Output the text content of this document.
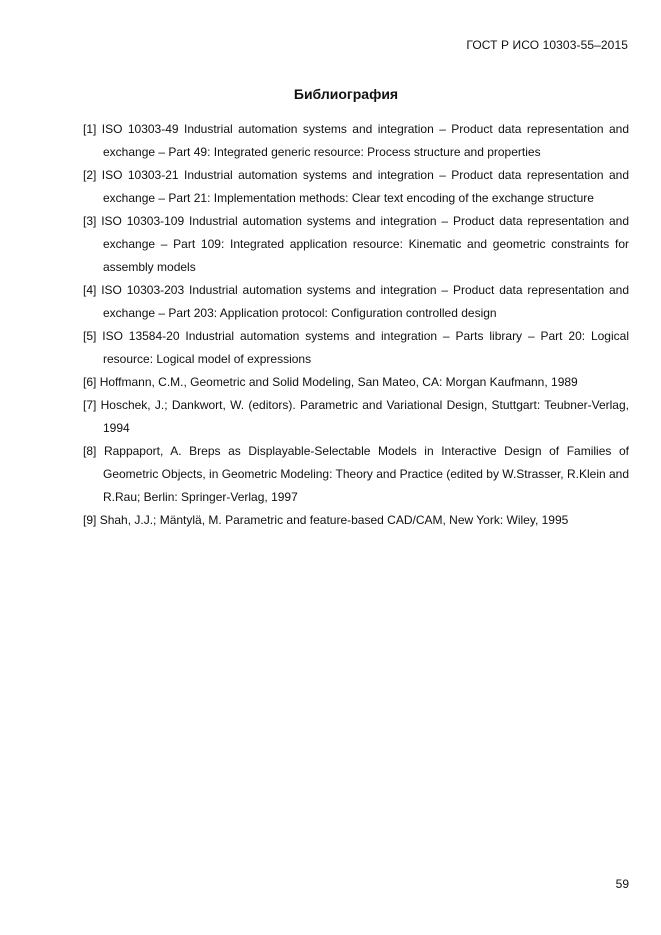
ГОСТ Р ИСО 10303-55–2015
Библиография
[1] ISO 10303-49 Industrial automation systems and integration – Product data representation and exchange – Part 49: Integrated generic resource: Process structure and properties
[2] ISO 10303-21 Industrial automation systems and integration – Product data representation and exchange – Part 21: Implementation methods: Clear text encoding of the exchange structure
[3] ISO 10303-109 Industrial automation systems and integration – Product data representation and exchange – Part 109: Integrated application resource: Kinematic and geometric constraints for assembly models
[4] ISO 10303-203 Industrial automation systems and integration – Product data representation and exchange – Part 203: Application protocol: Configuration controlled design
[5] ISO 13584-20 Industrial automation systems and integration – Parts library – Part 20: Logical resource: Logical model of expressions
[6] Hoffmann, C.M., Geometric and Solid Modeling, San Mateo, CA: Morgan Kaufmann, 1989
[7] Hoschek, J.; Dankwort, W. (editors). Parametric and Variational Design, Stuttgart: Teubner-Verlag, 1994
[8] Rappaport, A. Breps as Displayable-Selectable Models in Interactive Design of Families of Geometric Objects, in Geometric Modeling: Theory and Practice (edited by W.Strasser, R.Klein and R.Rau; Berlin: Springer-Verlag, 1997
[9] Shah, J.J.; Mäntylä, M. Parametric and feature-based CAD/CAM, New York: Wiley, 1995
59
